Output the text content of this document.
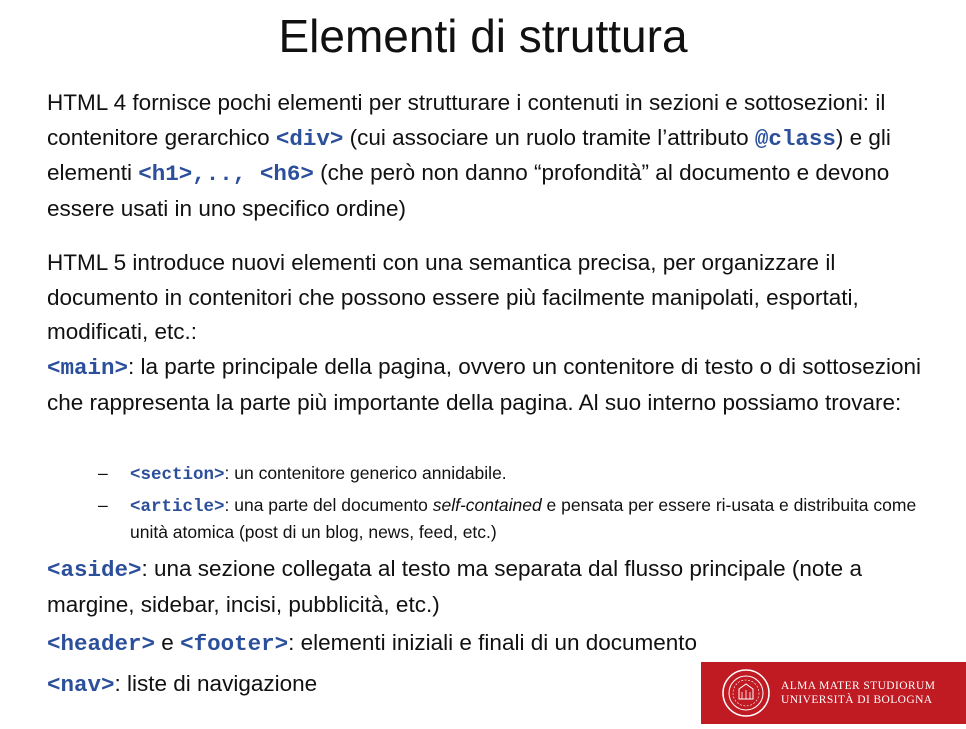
Elementi di struttura

HTML 4 fornisce pochi elementi per strutturare i contenuti in sezioni e sottosezioni: il contenitore gerarchico <div> (cui associare un ruolo tramite l’attributo @class) e gli elementi <h1>,.., <h6> (che però non danno “profondità” al documento e devono essere usati in uno specifico ordine)

HTML 5 introduce nuovi elementi con una semantica precisa, per organizzare il documento in contenitori che possono essere più facilmente manipolati, esportati, modificati, etc.:

<main>: la parte principale della pagina, ovvero un contenitore di testo o di sottosezioni che rappresenta la parte più importante della pagina. Al suo interno possiamo trovare:

–	<section>: un contenitore generico annidabile.
–	<article>: una parte del documento self-contained e pensata per essere ri-usata e distribuita come unità atomica (post di un blog, news, feed, etc.)

<aside>: una sezione collegata al testo ma separata dal flusso principale (note a margine, sidebar, incisi, pubblicità, etc.)

<header> e <footer>: elementi iniziali e finali di un documento

<nav>: liste di navigazione	ALMA MATER STUDIORUM
UNIVERSITÀ DI BOLOGNA
